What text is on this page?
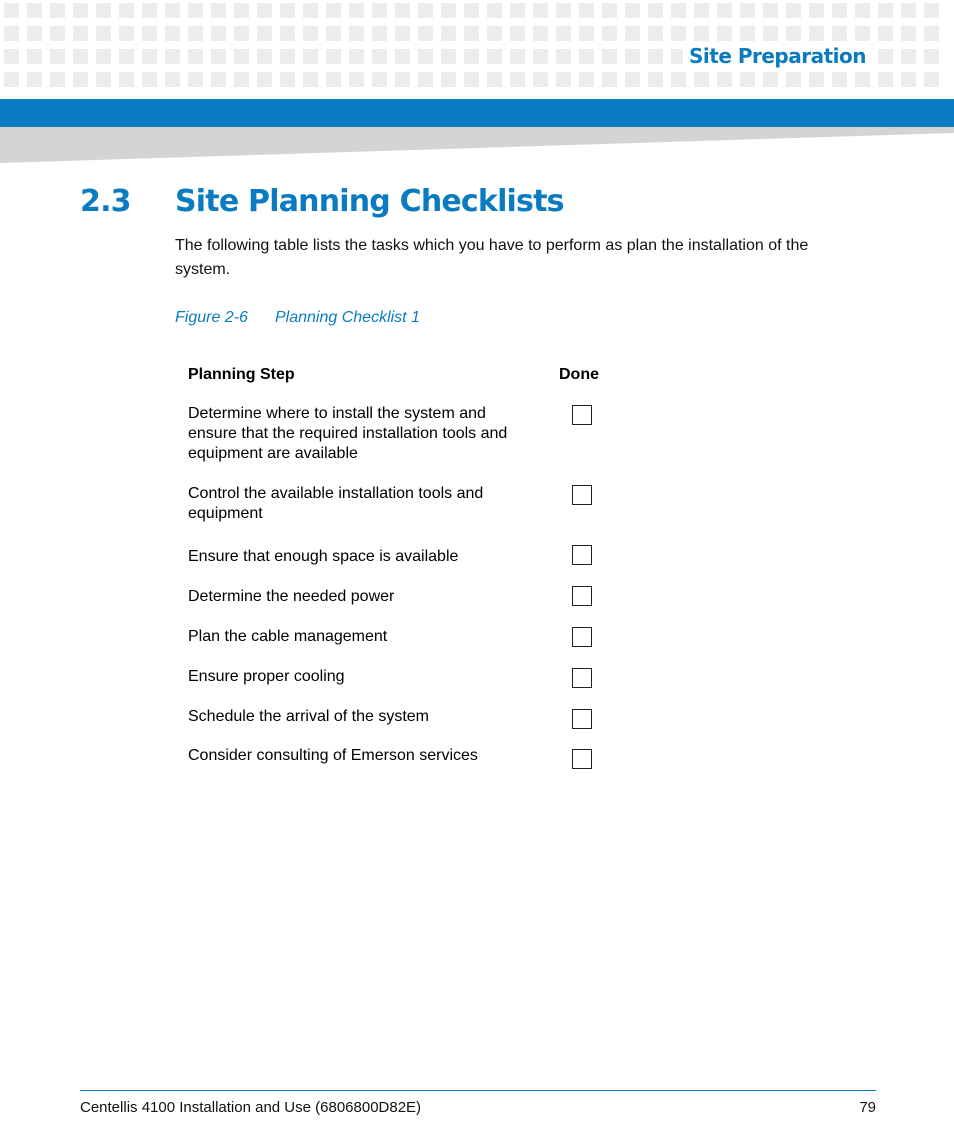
Site Preparation
2.3 Site Planning Checklists
The following table lists the tasks which you have to perform as plan the installation of the system.
Figure 2-6 Planning Checklist 1
Planning Step	Done
Determine where to install the system and ensure that the required installation tools and equipment are available
Control the available installation tools and equipment
Ensure that enough space is available
Determine the needed power
Plan the cable management
Ensure proper cooling
Schedule the arrival of the system
Consider consulting of Emerson services
Centellis 4100 Installation and Use (6806800D82E)	79
